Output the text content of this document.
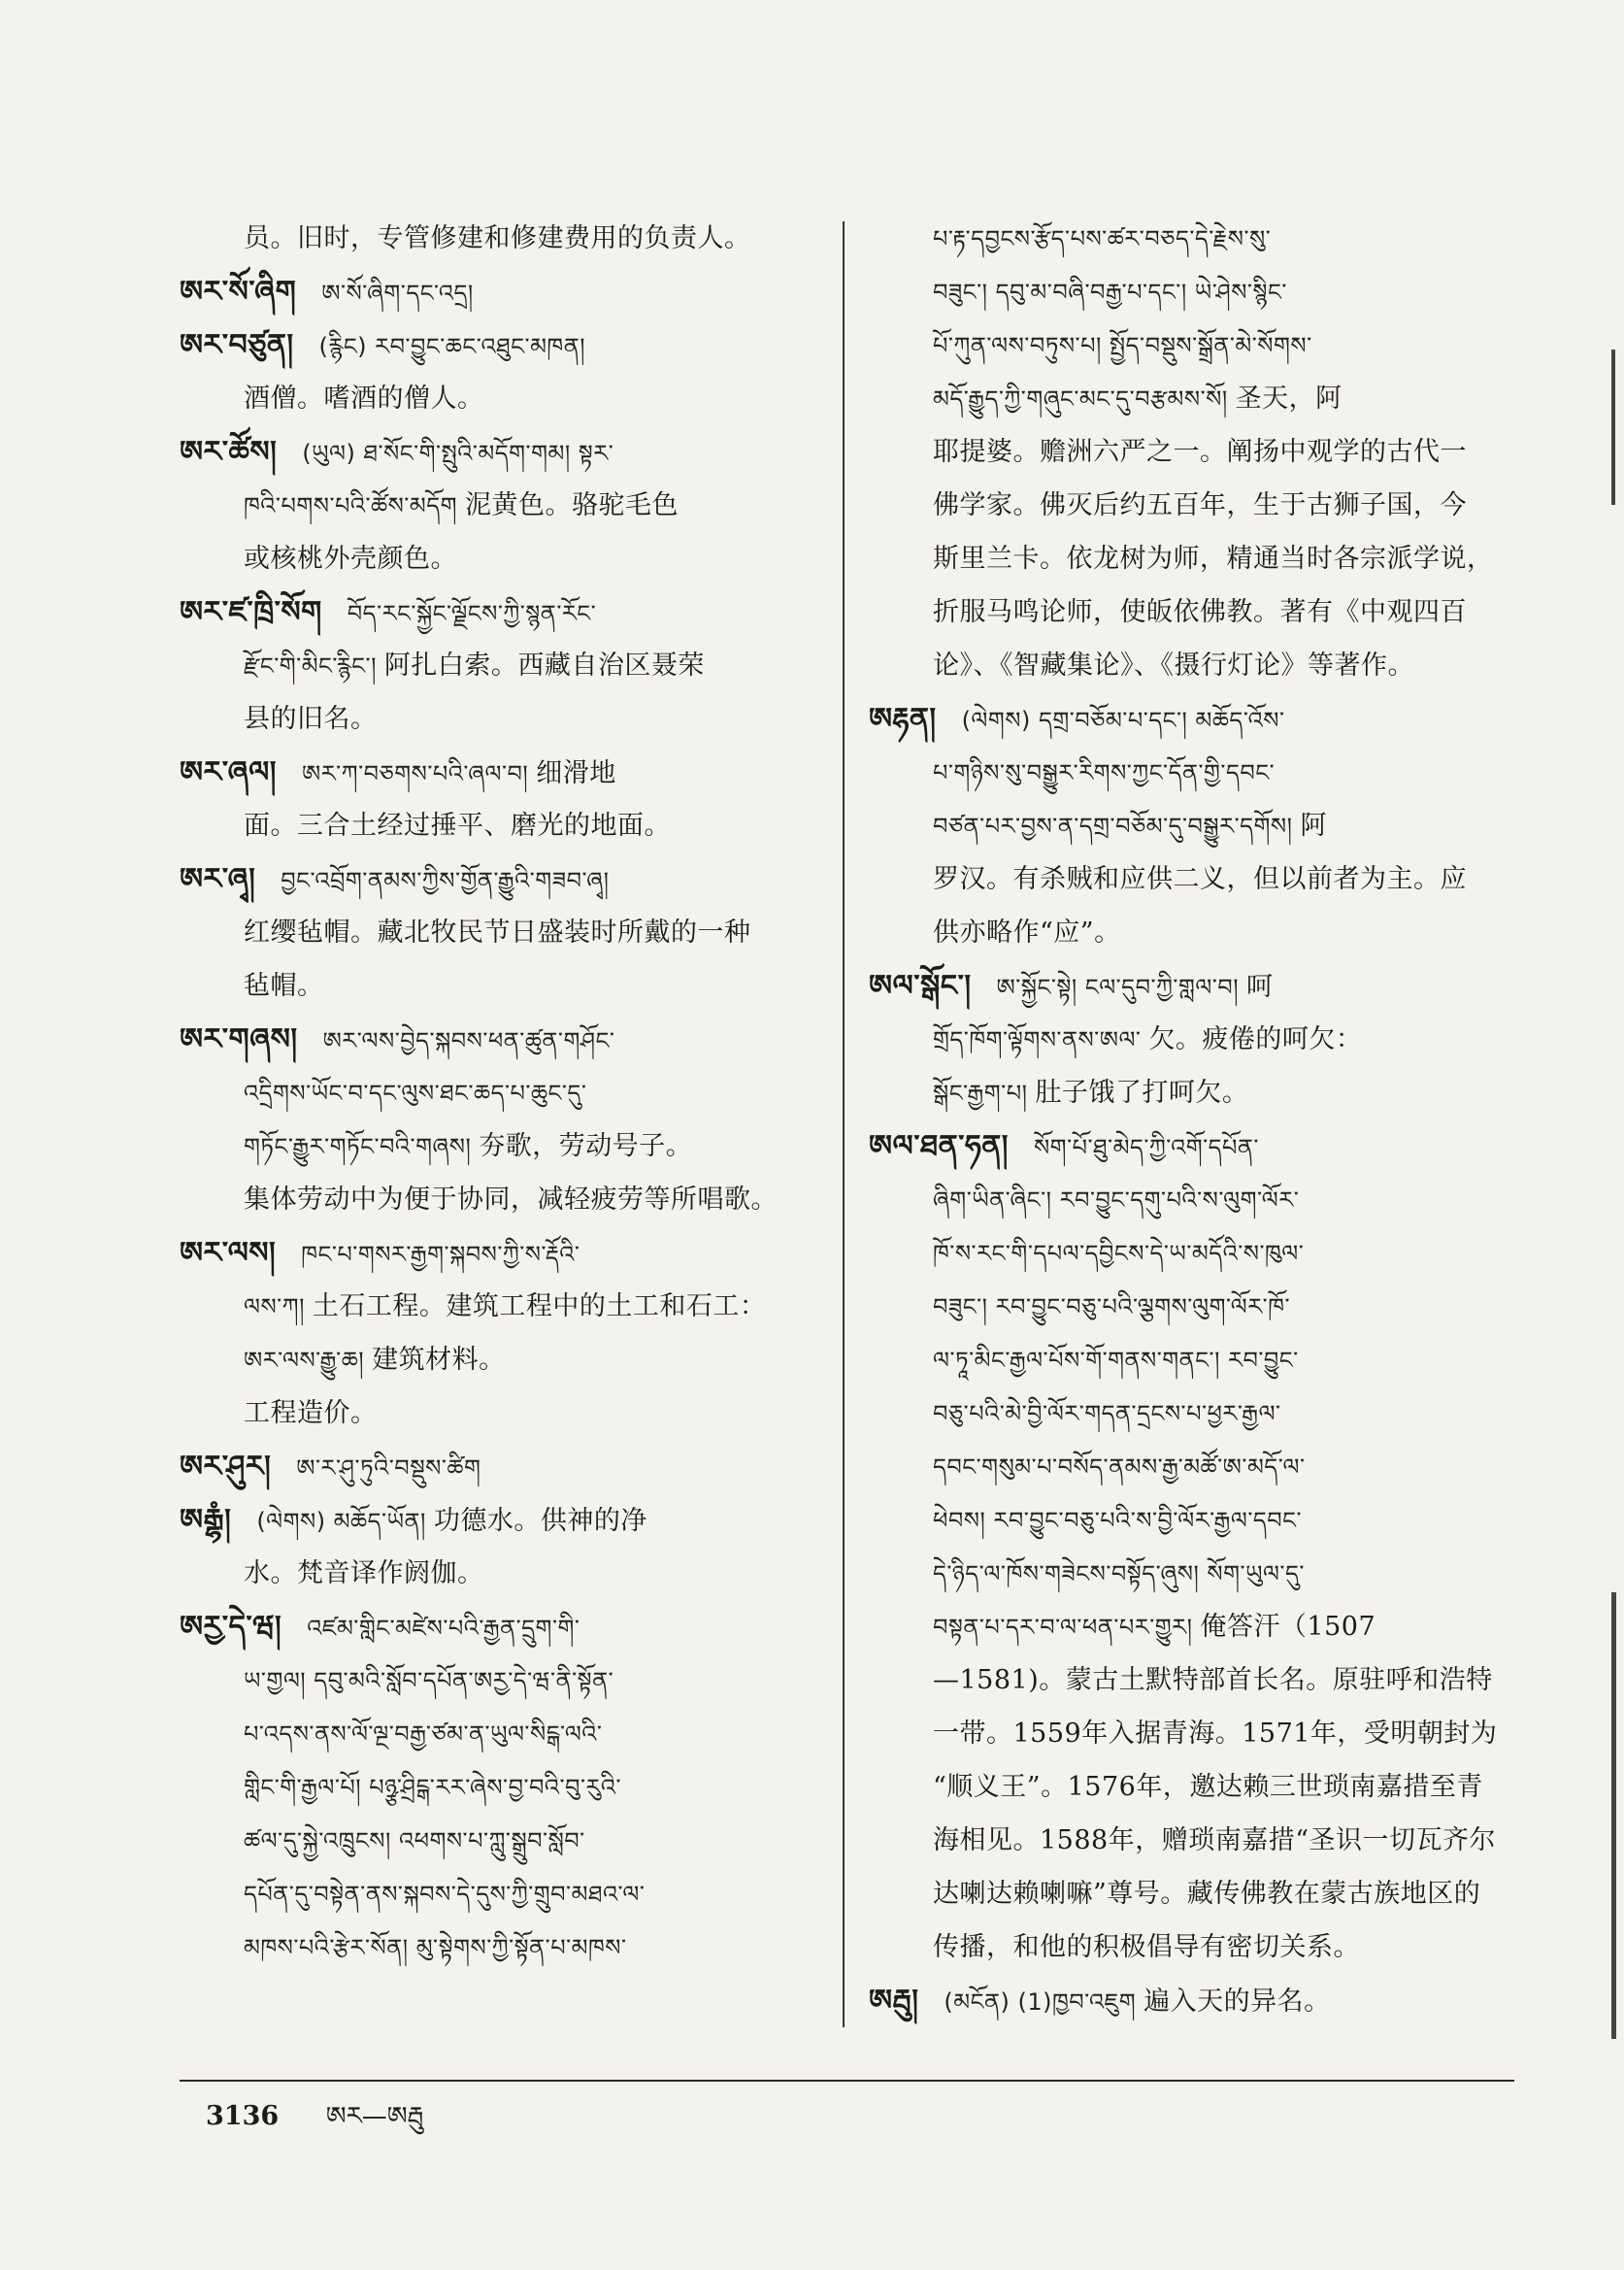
员。旧时，专管修建和修建费用的负责人。
ཨར་སོ་ཞིག ཨ་སོ་ཞིག་དང་འདྲ།
ཨར་བཙུན། (རྙིང) རབ་བྱུང་ཆང་འཐུང་མཁན།
酒僧。嗜酒的僧人。
ཨར་ཚོས། (ཡུལ) ཐ་སོང་གི་སྤུའི་མདོག་གམ། སྟར་
ཁའི་པགས་པའི་ཚོས་མདོག 泥黄色。骆驼毛色
或核桃外壳颜色。
ཨར་ཛ་ཁྲི་སོག བོད་རང་སྐྱོང་ལྗོངས་ཀྱི་སྙན་རོང་
རྫོང་གི་མིང་རྙིང་། 阿扎白索。西藏自治区聂荣
县的旧名。
ཨར་ཞལ། ཨར་ཀ་བཅགས་པའི་ཞལ་བ། 细滑地
面。三合土经过捶平、磨光的地面。
ཨར་ཞྭ། བྱང་འབྲོག་ནམས་ཀྱིས་གྱོན་རྒྱུའི་གཟབ་ཞྭ།
红缨毡帽。藏北牧民节日盛装时所戴的一种
毡帽。
ཨར་གཞས། ཨར་ལས་བྱེད་སྐབས་ཕན་ཚུན་གཤོང་
འདྲིགས་ཡོང་བ་དང་ལུས་ཐང་ཆད་པ་ཆུང་དུ་
གཏོང་རྒྱུར་གཏོང་བའི་གཞས། 夯歌，劳动号子。
集体劳动中为便于协同，减轻疲劳等所唱歌。
ཨར་ལས། ཁང་པ་གསར་རྒྱག་སྐབས་ཀྱི་ས་རྡོའི་
ལས་ཀ། 土石工程。建筑工程中的土工和石工：
ཨར་ལས་རྒྱུ་ཆ། 建筑材料。
工程造价。
ཨར་ཤུར། ཨ་ར་ཤུ་ཏུའི་བསྡུས་ཚིག
ཨརྒྷཾ། (ལེགས) མཆོད་ཡོན། 功德水。供神的净
水。梵音译作阏伽。
ཨརྱ་དེ་ཝ། འཛམ་གླིང་མཛེས་པའི་རྒྱན་དྲུག་གི་
ཡ་གྱལ། དབུ་མའི་སློབ་དཔོན་ཨརྱ་དེ་ཝ་ནི་སྟོན་
པ་འདས་ནས་ལོ་ལྔ་བརྒྱ་ཙམ་ན་ཡུལ་སིངྒ་ལའི་
གླིང་གི་རྒྱལ་པོ། པཉྩ་ཤྲིངྒ་རར་ཞེས་བྱ་བའི་བུ་རུའི་
ཚལ་དུ་སྐྱེ་འཁྲུངས། འཕགས་པ་ཀླུ་སྒྲུབ་སློབ་
དཔོན་དུ་བསྟེན་ནས་སྐབས་དེ་དུས་ཀྱི་གྲུབ་མཐའ་ལ་
མཁས་པའི་རྩེར་སོན། མུ་སྟེགས་ཀྱི་སྟོན་པ་མཁས་
པ་རྟ་དབྱངས་རྩོད་པས་ཚར་བཅད་དེ་རྗེས་སུ་
བཟུང་། དབུ་མ་བཞི་བརྒྱ་པ་དང་། ཡེ་ཤེས་སྙིང་
པོ་ཀུན་ལས་བཏུས་པ། སྤྱོད་བསྡུས་སྒྲོན་མེ་སོགས་
མདོ་རྒྱུད་ཀྱི་གཞུང་མང་དུ་བརྩམས་སོ། 圣天，阿
耶提婆。赡洲六严之一。阐扬中观学的古代一
佛学家。佛灭后约五百年，生于古狮子国，今
斯里兰卡。依龙树为师，精通当时各宗派学说，
折服马鸣论师，使皈依佛教。著有《中观四百
论》、《智藏集论》、《摄行灯论》等著作。
ཨརྷན། (ལེགས) དགྲ་བཅོམ་པ་དང་། མཆོད་འོས་
པ་གཉིས་སུ་བསྒྱུར་རིགས་ཀྱང་དོན་གྱི་དབང་
བཙན་པར་བྱས་ན་དགྲ་བཅོམ་དུ་བསྒྱུར་དགོས། 阿
罗汉。有杀贼和应供二义，但以前者为主。应
供亦略作“应”。
ཨལ་སྒོང་། ཨ་སྐྱོང་སྟེ། ངལ་དུབ་ཀྱི་གླལ་བ། 呵
གྲོད་ཁོག་ལྟོགས་ནས་ཨལ་ 欠。疲倦的呵欠：
སྒོང་རྒྱག་པ། 肚子饿了打呵欠。
ཨལ་ཐན་ཧན། སོག་པོ་ཐུ་མེད་ཀྱི་འགོ་དཔོན་
ཞིག་ཡིན་ཞིང་། རབ་བྱུང་དགུ་པའི་ས་ལུག་ལོར་
ཁོ་ས་རང་གི་དཔལ་དབྱིངས་དེ་ཡ་མདོའི་ས་ཁུལ་
བཟུང་། རབ་བྱུང་བཅུ་པའི་ལྕགས་ལུག་ལོར་ཁོ་
ལ་ཏཱ་མིང་རྒྱལ་པོས་གོ་གནས་གནང་། རབ་བྱུང་
བཅུ་པའི་མེ་བྱི་ལོར་གདན་དྲངས་པ་ཕྱར་རྒྱལ་
དབང་གསུམ་པ་བསོད་ནམས་རྒྱ་མཚོ་ཨ་མདོ་ལ་
ཕེབས། རབ་བྱུང་བཅུ་པའི་ས་བྱི་ལོར་རྒྱལ་དབང་
དེ་ཉིད་ལ་ཁོས་གཟེངས་བསྟོད་ཞུས། སོག་ཡུལ་དུ་
བསྟན་པ་དར་བ་ལ་ཕན་པར་གྱུར། 俺答汗（1507
—1581)。蒙古土默特部首长名。原驻呼和浩特
一带。1559年入据青海。1571年，受明朝封为
“顺义王”。1576年，邀达赖三世琐南嘉措至青
海相见。1588年，赠琐南嘉措“圣识一切瓦齐尔
达喇达赖喇嘛”尊号。藏传佛教在蒙古族地区的
传播，和他的积极倡导有密切关系。
ཨརྦུ། (མངོན) (1)ཁྱབ་འཇུག 遍入天的异名。
3136 ཨར—ཨརྦུ
